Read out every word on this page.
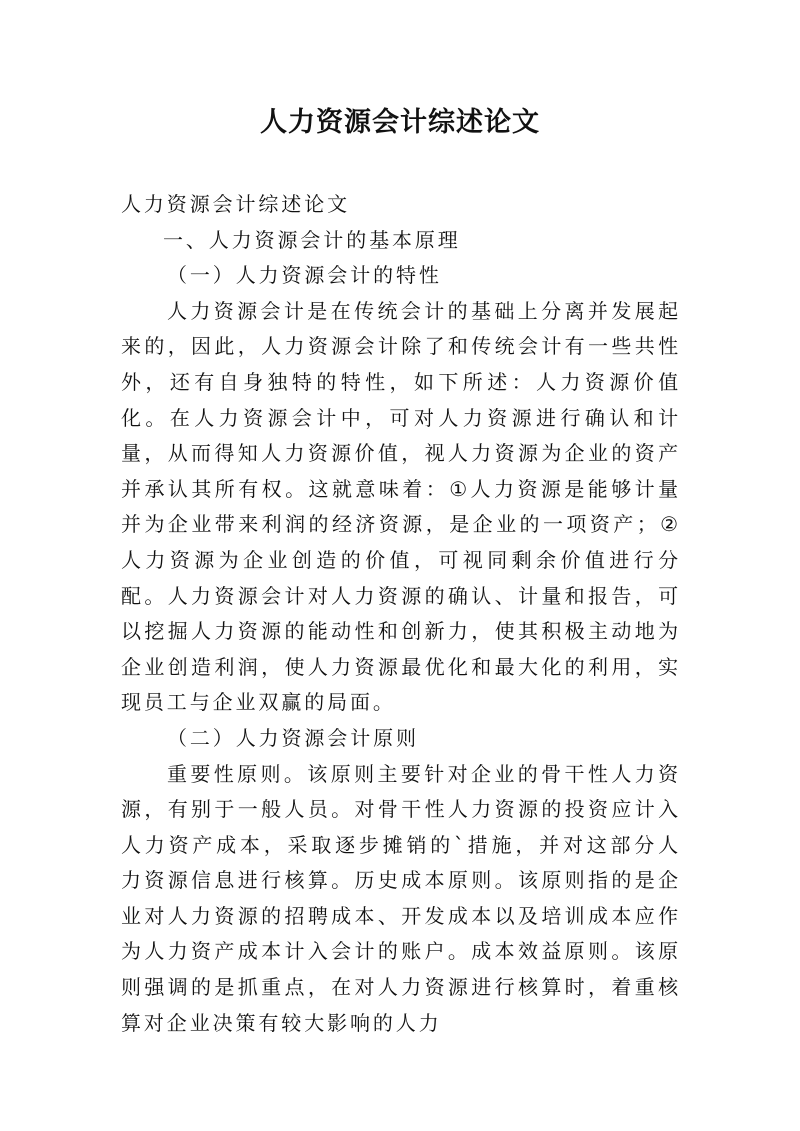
人力资源会计综述论文

人力资源会计综述论文

一、人力资源会计的基本原理

（一）人力资源会计的特性

人力资源会计是在传统会计的基础上分离并发展起来的，因此，人力资源会计除了和传统会计有一些共性外，还有自身独特的特性，如下所述：人力资源价值化。在人力资源会计中，可对人力资源进行确认和计量，从而得知人力资源价值，视人力资源为企业的资产并承认其所有权。这就意味着：①人力资源是能够计量并为企业带来利润的经济资源，是企业的一项资产；②人力资源为企业创造的价值，可视同剩余价值进行分配。人力资源会计对人力资源的确认、计量和报告，可以挖掘人力资源的能动性和创新力，使其积极主动地为企业创造利润，使人力资源最优化和最大化的利用，实现员工与企业双赢的局面。

（二）人力资源会计原则

重要性原则。该原则主要针对企业的骨干性人力资源，有别于一般人员。对骨干性人力资源的投资应计入人力资产成本，采取逐步摊销的`措施，并对这部分人力资源信息进行核算。历史成本原则。该原则指的是企业对人力资源的招聘成本、开发成本以及培训成本应作为人力资产成本计入会计的账户。成本效益原则。该原则强调的是抓重点，在对人力资源进行核算时，着重核算对企业决策有较大影响的人力
